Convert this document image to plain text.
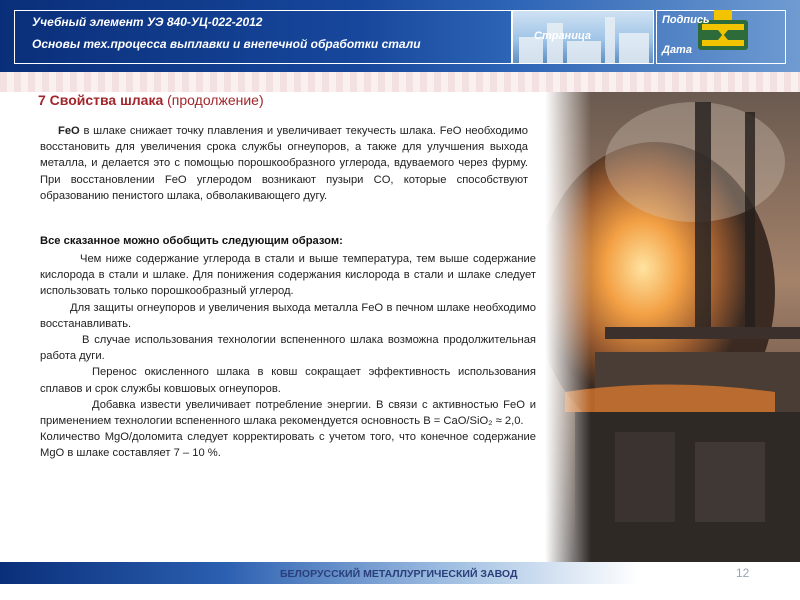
Учебный элемент УЭ 840-УЦ-022-2012
Основы тех.процесса выплавки и внепечной обработки стали
Страница
Подпись
Дата
7 Свойства шлака (продолжение)
FeO в шлаке снижает точку плавления и увеличивает текучесть шлака. FeO необходимо восстановить для увеличения срока службы огнеупоров, а также для улучшения выхода металла, и делается это с помощью порошкообразного углерода, вдуваемого через фурму. При восстановлении FeO углеродом возникают пузыри CO, которые способствуют образованию пенистого шлака, обволакивающего дугу.
Все сказанное можно обобщить следующим образом:
Чем ниже содержание углерода в стали и выше температура, тем выше содержание кислорода в стали и шлаке. Для понижения содержания кислорода в стали и шлаке следует использовать только порошкообразный углерод.
Для защиты огнеупоров и увеличения выхода металла FeO в печном шлаке необходимо восстанавливать.
В случае использования технологии вспененного шлака возможна продолжительная работа дуги.
Перенос окисленного шлака в ковш сокращает эффективность использования сплавов и срок службы ковшовых огнеупоров.
Добавка извести увеличивает потребление энергии. В связи с активностью FeO и применением технологии вспененного шлака рекомендуется основность В = CaO/SiO₂ ≈ 2,0.
Количество MgO/доломита следует корректировать с учетом того, что конечное содержание MgO в шлаке составляет 7 – 10 %.
БЕЛОРУССКИЙ МЕТАЛЛУРГИЧЕСКИЙ ЗАВОД	12
